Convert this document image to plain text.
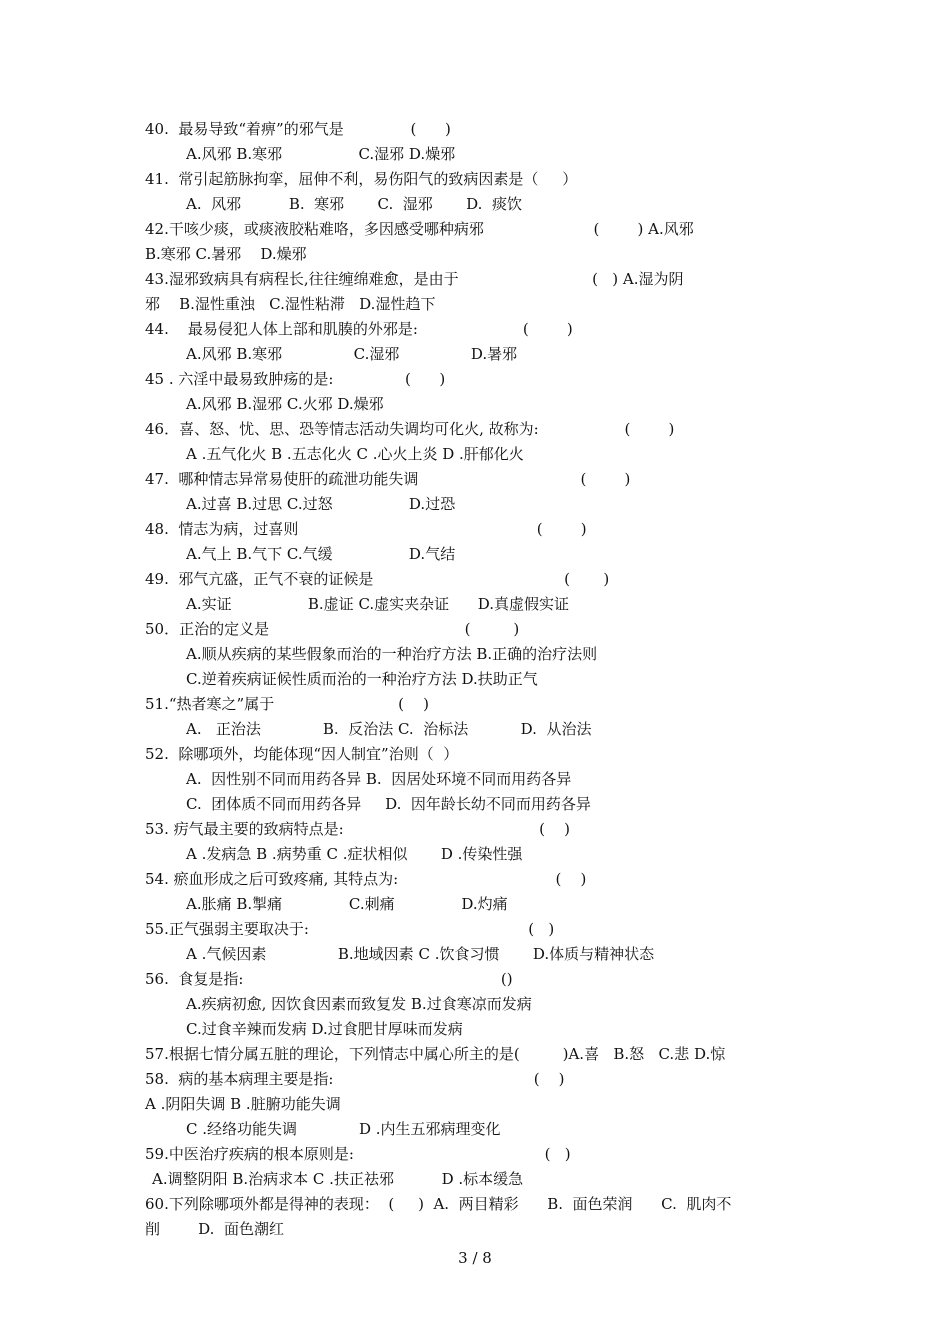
40.  最易导致“着痹”的邪气是              (      )
A.风邪 B.寒邪                C.湿邪 D.燥邪
41.  常引起筋脉拘挛，屈伸不利，易伤阳气的致病因素是（     ）
A.  风邪          B.  寒邪       C.  湿邪       D.  痰饮
42.干咳少痰，或痰液胶粘难咯，多因感受哪种病邪                       (        ) A.风邪
B.寒邪 C.暑邪    D.燥邪
43.湿邪致病具有病程长,往往缠绵难愈，是由于                            (   ) A.湿为阴
邪    B.湿性重浊   C.湿性粘滞   D.湿性趋下
44.    最易侵犯人体上部和肌腠的外邪是:                      (        )
A.风邪 B.寒邪               C.湿邪               D.暑邪
45 . 六淫中最易致肿疡的是:               (      )
A.风邪 B.湿邪 C.火邪 D.燥邪
46．喜、怒、忧、思、恐等情志活动失调均可化火, 故称为:                  (        )
A .五气化火 B .五志化火 C .心火上炎 D .肝郁化火
47.  哪种情志异常易使肝的疏泄功能失调                                  (        )
A.过喜 B.过思 C.过怒                D.过恐
48.  情志为病，过喜则                                                  (        )
A.气上 B.气下 C.气缓                D.气结
49.  邪气亢盛，正气不衰的证候是                                        (       )
A.实证                B.虚证 C.虚实夹杂证      D.真虚假实证
50．正治的定义是                                         (         )
A.顺从疾病的某些假象而治的一种治疗方法 B.正确的治疗法则
C.逆着疾病证候性质而治的一种治疗方法 D.扶助正气
51.“热者寒之”属于                          (    )
A.   正治法             B.  反治法 C.  治标法           D.  从治法
52.  除哪项外，均能体现“因人制宜”治则（  ）
A.  因性别不同而用药各异 B.  因居处环境不同而用药各异
C.  团体质不同而用药各异     D.  因年龄长幼不同而用药各异
53. 疠气最主要的致病特点是:                                         (    )
A .发病急 B .病势重 C .症状相似       D .传染性强
54. 瘀血形成之后可致疼痛, 其特点为:                                 (    )
A.胀痛 B.掣痛              C.刺痛              D.灼痛
55.正气强弱主要取决于:                                              (   )
A .气候因素               B.地域因素 C .饮食习惯       D.体质与精神状态
56.  食复是指:                                                      ()
A.疾病初愈, 因饮食因素而致复发 B.过食寒凉而发病
C.过食辛辣而发病 D.过食肥甘厚味而发病
57.根据七情分属五脏的理论，下列情志中属心所主的是(         )A.喜   B.怒   C.悲 D.惊
58.  病的基本病理主要是指:                                          (    )
A .阴阳失调 B .脏腑功能失调
C .经络功能失调             D .内生五邪病理变化
59.中医治疗疾病的根本原则是:                                        (   )
A.调整阴阳 B.治病求本 C .扶正祛邪          D .标本缓急
60.下列除哪项外都是得神的表现：  (     )  A.  两目精彩      B.  面色荣润      C.  肌肉不
削        D.  面色潮红
3 / 8
